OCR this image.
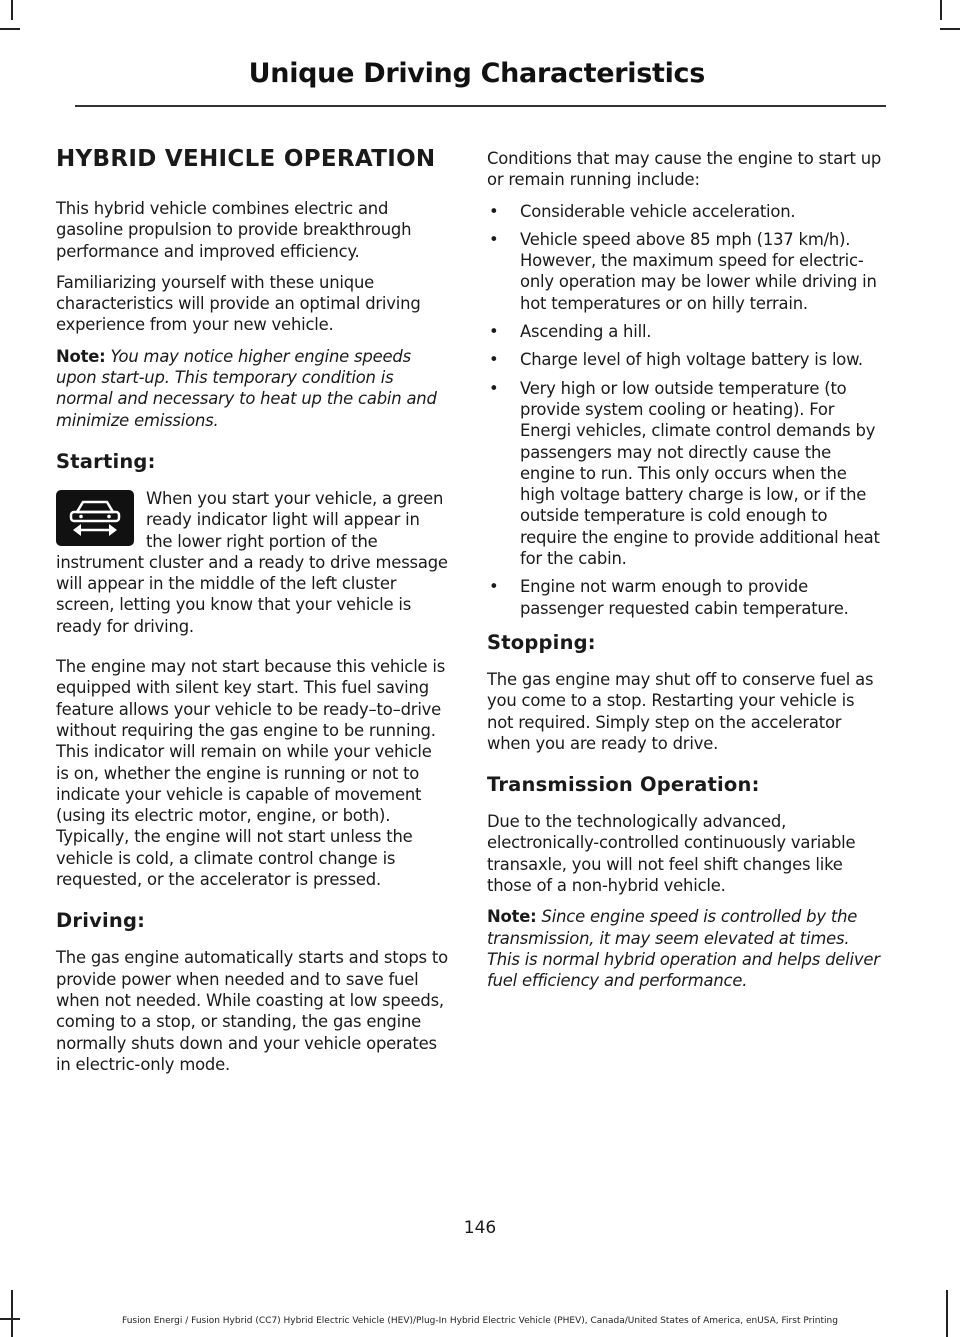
Unique Driving Characteristics
HYBRID VEHICLE OPERATION

This hybrid vehicle combines electric and gasoline propulsion to provide breakthrough performance and improved efficiency.

Familiarizing yourself with these unique characteristics will provide an optimal driving experience from your new vehicle.

Note: You may notice higher engine speeds upon start-up. This temporary condition is normal and necessary to heat up the cabin and minimize emissions.

Starting:

When you start your vehicle, a green ready indicator light will appear in the lower right portion of the instrument cluster and a ready to drive message will appear in the middle of the left cluster screen, letting you know that your vehicle is ready for driving.

The engine may not start because this vehicle is equipped with silent key start. This fuel saving feature allows your vehicle to be ready–to–drive without requiring the gas engine to be running. This indicator will remain on while your vehicle is on, whether the engine is running or not to indicate your vehicle is capable of movement (using its electric motor, engine, or both). Typically, the engine will not start unless the vehicle is cold, a climate control change is requested, or the accelerator is pressed.

Driving:

The gas engine automatically starts and stops to provide power when needed and to save fuel when not needed. While coasting at low speeds, coming to a stop, or standing, the gas engine normally shuts down and your vehicle operates in electric-only mode.

Conditions that may cause the engine to start up or remain running include:

• Considerable vehicle acceleration.
• Vehicle speed above 85 mph (137 km/h). However, the maximum speed for electric-only operation may be lower while driving in hot temperatures or on hilly terrain.
• Ascending a hill.
• Charge level of high voltage battery is low.
• Very high or low outside temperature (to provide system cooling or heating). For Energi vehicles, climate control demands by passengers may not directly cause the engine to run. This only occurs when the high voltage battery charge is low, or if the outside temperature is cold enough to require the engine to provide additional heat for the cabin.
• Engine not warm enough to provide passenger requested cabin temperature.
Stopping:

The gas engine may shut off to conserve fuel as you come to a stop. Restarting your vehicle is not required. Simply step on the accelerator when you are ready to drive.

Transmission Operation:

Due to the technologically advanced, electronically-controlled continuously variable transaxle, you will not feel shift changes like those of a non-hybrid vehicle.

Note: Since engine speed is controlled by the transmission, it may seem elevated at times. This is normal hybrid operation and helps deliver fuel efficiency and performance.

146
Fusion Energi / Fusion Hybrid (CC7) Hybrid Electric Vehicle (HEV)/Plug-In Hybrid Electric Vehicle (PHEV), Canada/United States of America, enUSA, First Printing
